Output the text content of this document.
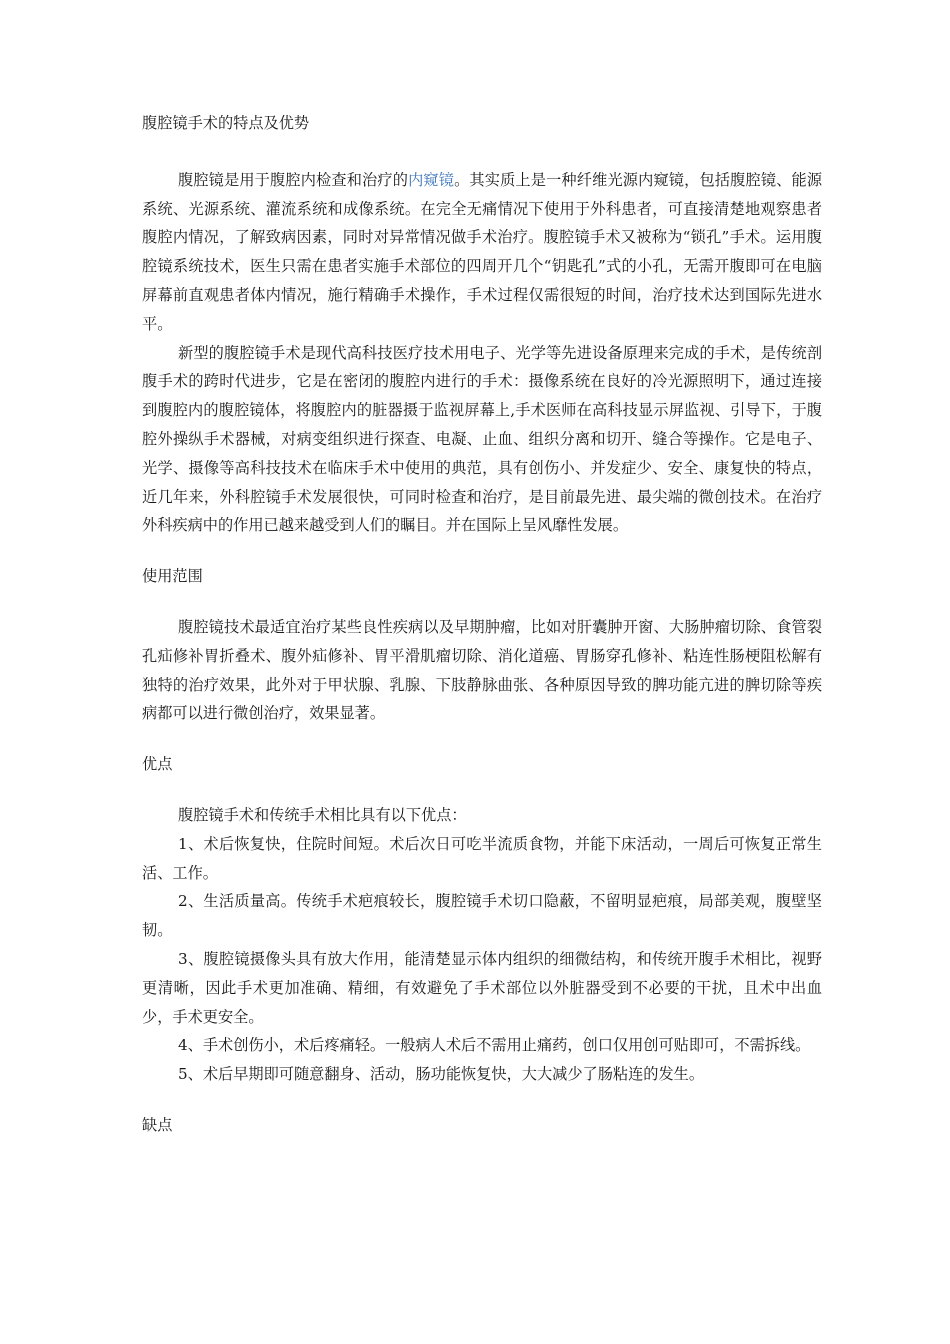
腹腔镜手术的特点及优势

腹腔镜是用于腹腔内检查和治疗的内窥镜。其实质上是一种纤维光源内窥镜，包括腹腔镜、能源系统、光源系统、灌流系统和成像系统。在完全无痛情况下使用于外科患者，可直接清楚地观察患者腹腔内情况，了解致病因素，同时对异常情况做手术治疗。腹腔镜手术又被称为“锁孔”手术。运用腹腔镜系统技术，医生只需在患者实施手术部位的四周开几个“钥匙孔”式的小孔，无需开腹即可在电脑屏幕前直观患者体内情况，施行精确手术操作，手术过程仅需很短的时间，治疗技术达到国际先进水平。

新型的腹腔镜手术是现代高科技医疗技术用电子、光学等先进设备原理来完成的手术，是传统剖腹手术的跨时代进步，它是在密闭的腹腔内进行的手术：摄像系统在良好的冷光源照明下，通过连接到腹腔内的腹腔镜体，将腹腔内的脏器摄于监视屏幕上,手术医师在高科技显示屏监视、引导下，于腹腔外操纵手术器械，对病变组织进行探查、电凝、止血、组织分离和切开、缝合等操作。它是电子、光学、摄像等高科技技术在临床手术中使用的典范，具有创伤小、并发症少、安全、康复快的特点，近几年来，外科腔镜手术发展很快，可同时检查和治疗，是目前最先进、最尖端的微创技术。在治疗外科疾病中的作用已越来越受到人们的瞩目。并在国际上呈风靡性发展。

使用范围

腹腔镜技术最适宜治疗某些良性疾病以及早期肿瘤，比如对肝囊肿开窗、大肠肿瘤切除、食管裂孔疝修补胃折叠术、腹外疝修补、胃平滑肌瘤切除、消化道癌、胃肠穿孔修补、粘连性肠梗阻松解有独特的治疗效果，此外对于甲状腺、乳腺、下肢静脉曲张、各种原因导致的脾功能亢进的脾切除等疾病都可以进行微创治疗，效果显著。

优点

腹腔镜手术和传统手术相比具有以下优点：

1、术后恢复快，住院时间短。术后次日可吃半流质食物，并能下床活动，一周后可恢复正常生活、工作。

2、生活质量高。传统手术疤痕较长，腹腔镜手术切口隐蔽，不留明显疤痕，局部美观，腹壁坚韧。

3、腹腔镜摄像头具有放大作用，能清楚显示体内组织的细微结构，和传统开腹手术相比，视野更清晰，因此手术更加准确、精细，有效避免了手术部位以外脏器受到不必要的干扰，且术中出血少，手术更安全。

4、手术创伤小，术后疼痛轻。一般病人术后不需用止痛药，创口仅用创可贴即可，不需拆线。

5、术后早期即可随意翻身、活动，肠功能恢复快，大大减少了肠粘连的发生。

缺点
